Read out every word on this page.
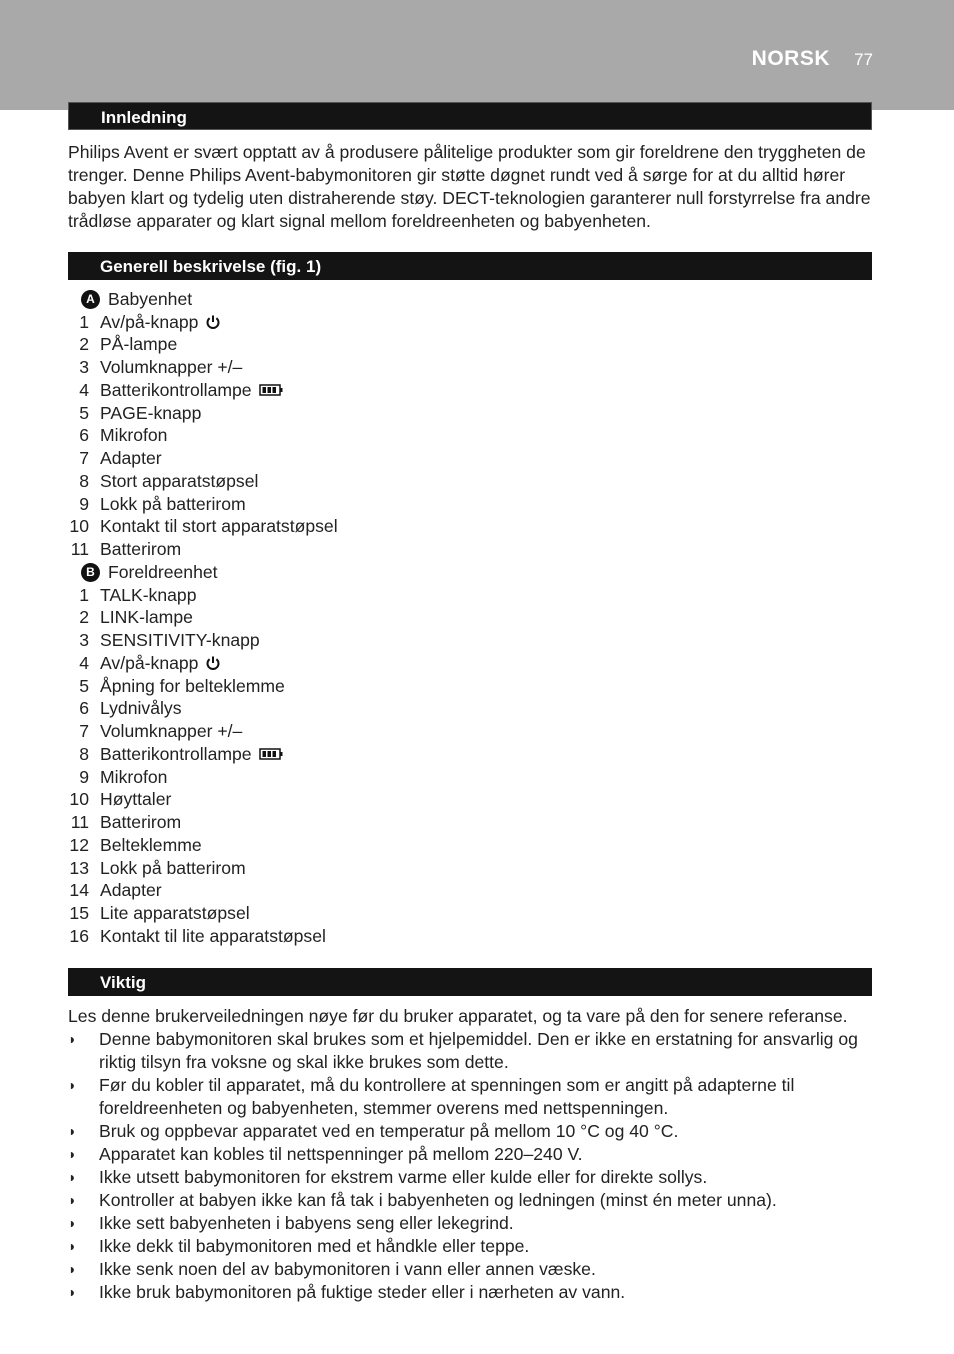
NORSK 77
Innledning
Philips Avent er svært opptatt av å produsere pålitelige produkter som gir foreldrene den tryggheten de trenger. Denne Philips Avent-babymonitoren gir støtte døgnet rundt ved å sørge for at du alltid hører babyen klart og tydelig uten distraherende støy. DECT-teknologien garanterer null forstyrrelse fra andre trådløse apparater og klart signal mellom foreldreenheten og babyenheten.
Generell beskrivelse (fig. 1)
A Babyenhet
1 Av/på-knapp
2 PÅ-lampe
3 Volumknapper +/–
4 Batterikontrollampe
5 PAGE-knapp
6 Mikrofon
7 Adapter
8 Stort apparatstøpsel
9 Lokk på batterirom
10 Kontakt til stort apparatstøpsel
11 Batterirom
B Foreldreenhet
1 TALK-knapp
2 LINK-lampe
3 SENSITIVITY-knapp
4 Av/på-knapp
5 Åpning for belteklemme
6 Lydnivålys
7 Volumknapper +/–
8 Batterikontrollampe
9 Mikrofon
10 Høyttaler
11 Batterirom
12 Belteklemme
13 Lokk på batterirom
14 Adapter
15 Lite apparatstøpsel
16 Kontakt til lite apparatstøpsel
Viktig
Les denne brukerveiledningen nøye før du bruker apparatet, og ta vare på den for senere referanse.
◗	Denne babymonitoren skal brukes som et hjelpemiddel. Den er ikke en erstatning for ansvarlig og riktig tilsyn fra voksne og skal ikke brukes som dette.
◗	Før du kobler til apparatet, må du kontrollere at spenningen som er angitt på adapterne til foreldreenheten og babyenheten, stemmer overens med nettspenningen.
◗	Bruk og oppbevar apparatet ved en temperatur på mellom 10 °C og 40 °C.
◗	Apparatet kan kobles til nettspenninger på mellom 220–240 V.
◗	Ikke utsett babymonitoren for ekstrem varme eller kulde eller for direkte sollys.
◗	Kontroller at babyen ikke kan få tak i babyenheten og ledningen (minst én meter unna).
◗	Ikke sett babyenheten i babyens seng eller lekegrind.
◗	Ikke dekk til babymonitoren med et håndkle eller teppe.
◗	Ikke senk noen del av babymonitoren i vann eller annen væske.
◗	Ikke bruk babymonitoren på fuktige steder eller i nærheten av vann.
